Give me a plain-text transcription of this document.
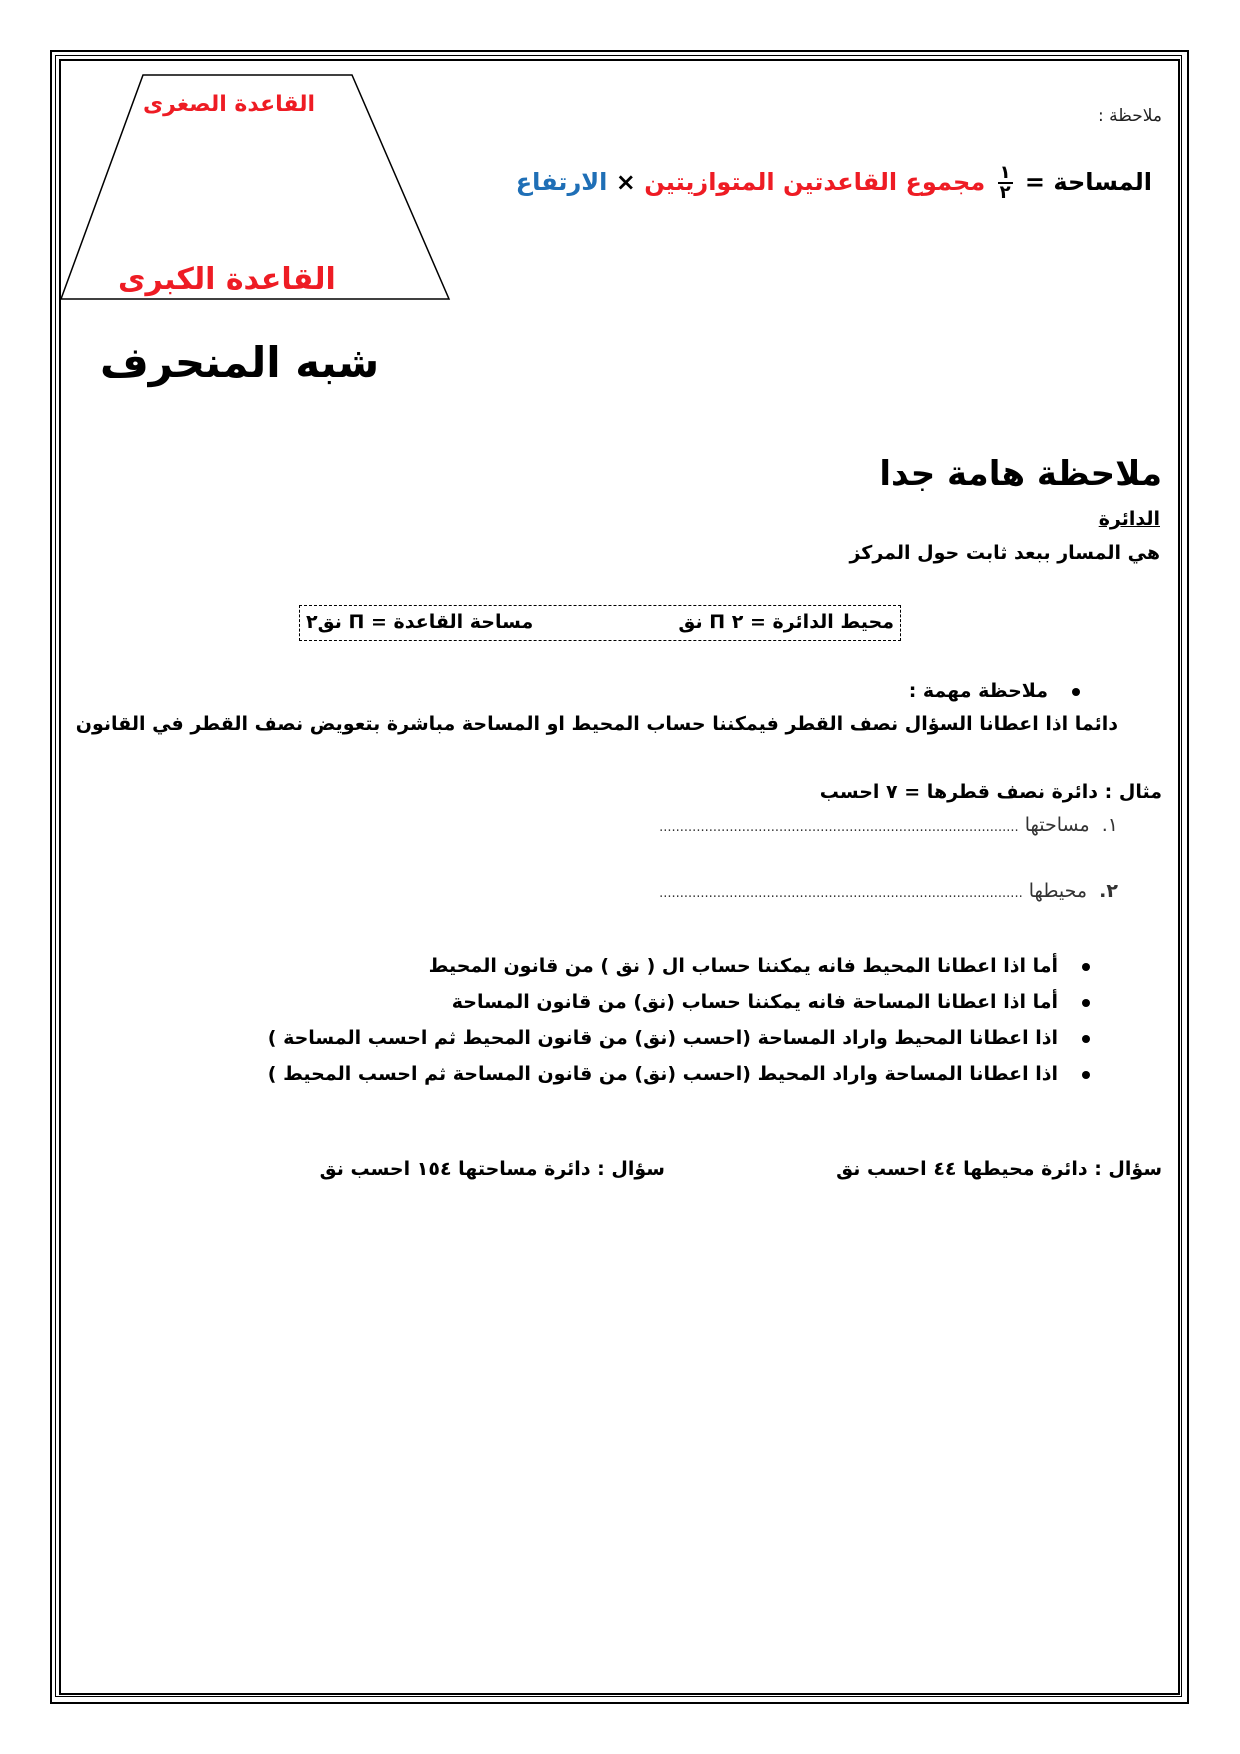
القاعدة الصغرى
القاعدة الكبرى
شبه المنحرف
ملاحظة :
المساحة =
$\frac{١}{٢}$
مجموع القاعدتين المتوازيتين × الارتفاع
ملاحظة هامة جدا
الدائرة
هي المسار ببعد ثابت حول المركز
محيط الدائرة = ٢ Π نق
مساحة القاعدة = Π نق٢
ملاحظة مهمة :
دائما اذا اعطانا السؤال نصف القطر فيمكننا حساب المحيط او المساحة مباشرة بتعويض نصف القطر في القانون
مثال : دائرة نصف قطرها = ٧ احسب
١.  مساحتها .......................................................................................
٢.  محيطها ........................................................................................
أما اذا اعطانا المحيط فانه يمكننا حساب ال ( نق ) من قانون المحيط
أما اذا اعطانا المساحة فانه يمكننا حساب (نق) من قانون المساحة
اذا اعطانا المحيط واراد المساحة (احسب (نق) من قانون المحيط ثم احسب المساحة )
اذا اعطانا المساحة واراد المحيط (احسب (نق) من قانون المساحة ثم احسب المحيط )
سؤال : دائرة محيطها ٤٤ احسب نق
سؤال : دائرة مساحتها ١٥٤ احسب نق
